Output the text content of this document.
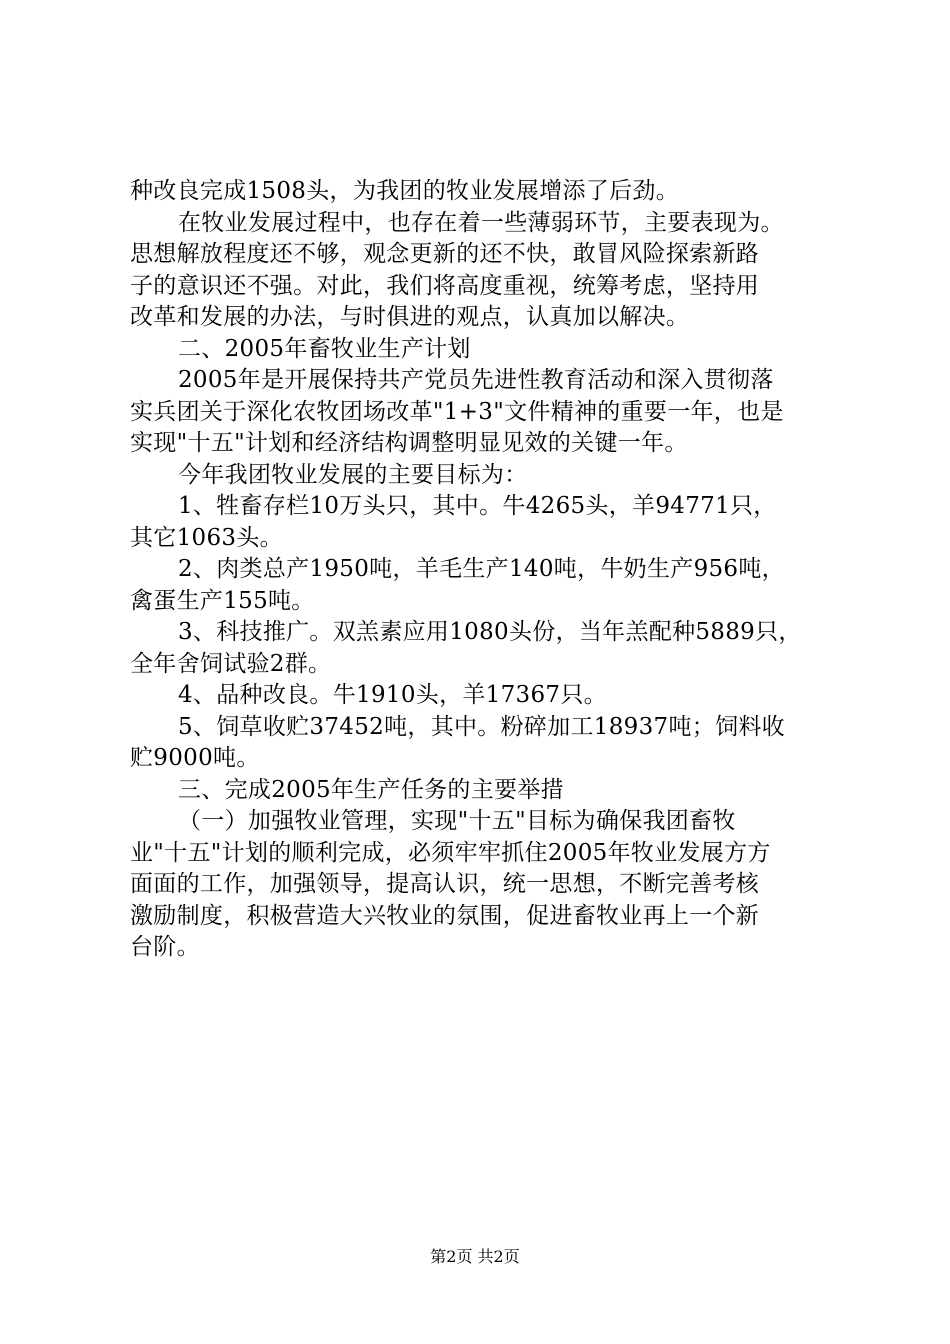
种改良完成1508头，为我团的牧业发展增添了后劲。
在牧业发展过程中，也存在着一些薄弱环节，主要表现为。
思想解放程度还不够，观念更新的还不快，敢冒风险探索新路
子的意识还不强。对此，我们将高度重视，统筹考虑，坚持用
改革和发展的办法，与时俱进的观点，认真加以解决。
二、2005年畜牧业生产计划
2005年是开展保持共产党员先进性教育活动和深入贯彻落
实兵团关于深化农牧团场改革"1+3"文件精神的重要一年，也是
实现"十五"计划和经济结构调整明显见效的关键一年。
今年我团牧业发展的主要目标为：
1、牲畜存栏10万头只，其中。牛4265头，羊94771只，
其它1063头。
2、肉类总产1950吨，羊毛生产140吨，牛奶生产956吨，
禽蛋生产155吨。
3、科技推广。双羔素应用1080头份，当年羔配种5889只，
全年舍饲试验2群。
4、品种改良。牛1910头，羊17367只。
5、饲草收贮37452吨，其中。粉碎加工18937吨；饲料收
贮9000吨。
三、完成2005年生产任务的主要举措
（一）加强牧业管理，实现"十五"目标为确保我团畜牧
业"十五"计划的顺利完成，必须牢牢抓住2005年牧业发展方方
面面的工作，加强领导，提高认识，统一思想，不断完善考核
激励制度，积极营造大兴牧业的氛围，促进畜牧业再上一个新
台阶。
第2页 共2页
